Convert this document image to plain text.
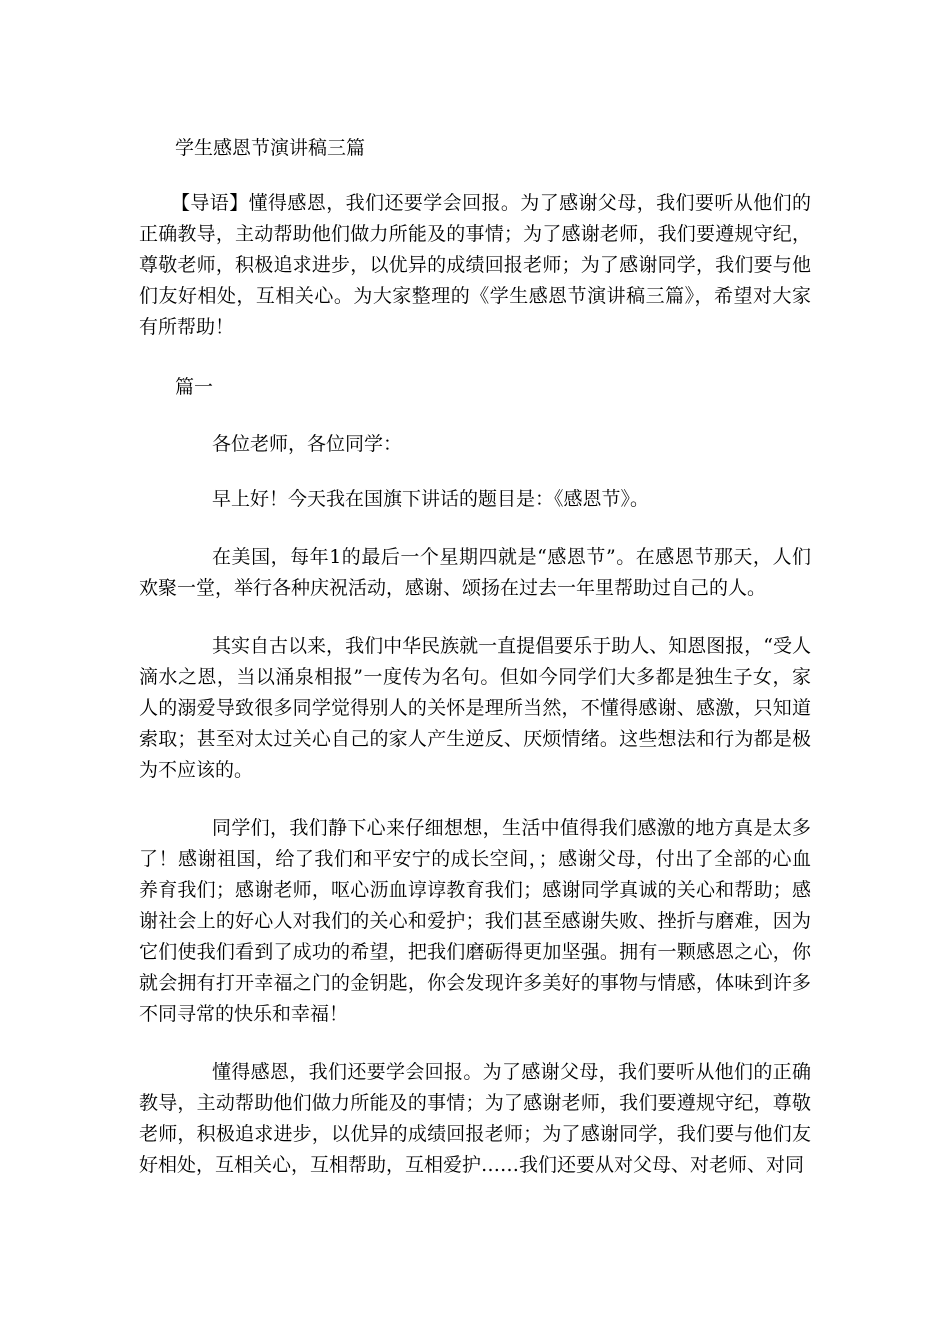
学生感恩节演讲稿三篇

【导语】懂得感恩，我们还要学会回报。为了感谢父母，我们要听从他们的正确教导，主动帮助他们做力所能及的事情；为了感谢老师，我们要遵规守纪，尊敬老师，积极追求进步，以优异的成绩回报老师；为了感谢同学，我们要与他们友好相处，互相关心。为大家整理的《学生感恩节演讲稿三篇》，希望对大家有所帮助！

篇一

各位老师，各位同学：

早上好！今天我在国旗下讲话的题目是：《感恩节》。

在美国，每年1的最后一个星期四就是“感恩节”。在感恩节那天，人们欢聚一堂，举行各种庆祝活动，感谢、颂扬在过去一年里帮助过自己的人。

其实自古以来，我们中华民族就一直提倡要乐于助人、知恩图报，“受人滴水之恩，当以涌泉相报”一度传为名句。但如今同学们大多都是独生子女，家人的溺爱导致很多同学觉得别人的关怀是理所当然，不懂得感谢、感激，只知道索取；甚至对太过关心自己的家人产生逆反、厌烦情绪。这些想法和行为都是极为不应该的。

同学们，我们静下心来仔细想想，生活中值得我们感激的地方真是太多了！感谢祖国，给了我们和平安宁的成长空间，；感谢父母，付出了全部的心血养育我们；感谢老师，呕心沥血谆谆教育我们；感谢同学真诚的关心和帮助；感谢社会上的好心人对我们的关心和爱护；我们甚至感谢失败、挫折与磨难，因为它们使我们看到了成功的希望，把我们磨砺得更加坚强。拥有一颗感恩之心，你就会拥有打开幸福之门的金钥匙，你会发现许多美好的事物与情感，体味到许多不同寻常的快乐和幸福！

懂得感恩，我们还要学会回报。为了感谢父母，我们要听从他们的正确教导，主动帮助他们做力所能及的事情；为了感谢老师，我们要遵规守纪，尊敬老师，积极追求进步，以优异的成绩回报老师；为了感谢同学，我们要与他们友好相处，互相关心，互相帮助，互相爱护……我们还要从对父母、对老师、对同
